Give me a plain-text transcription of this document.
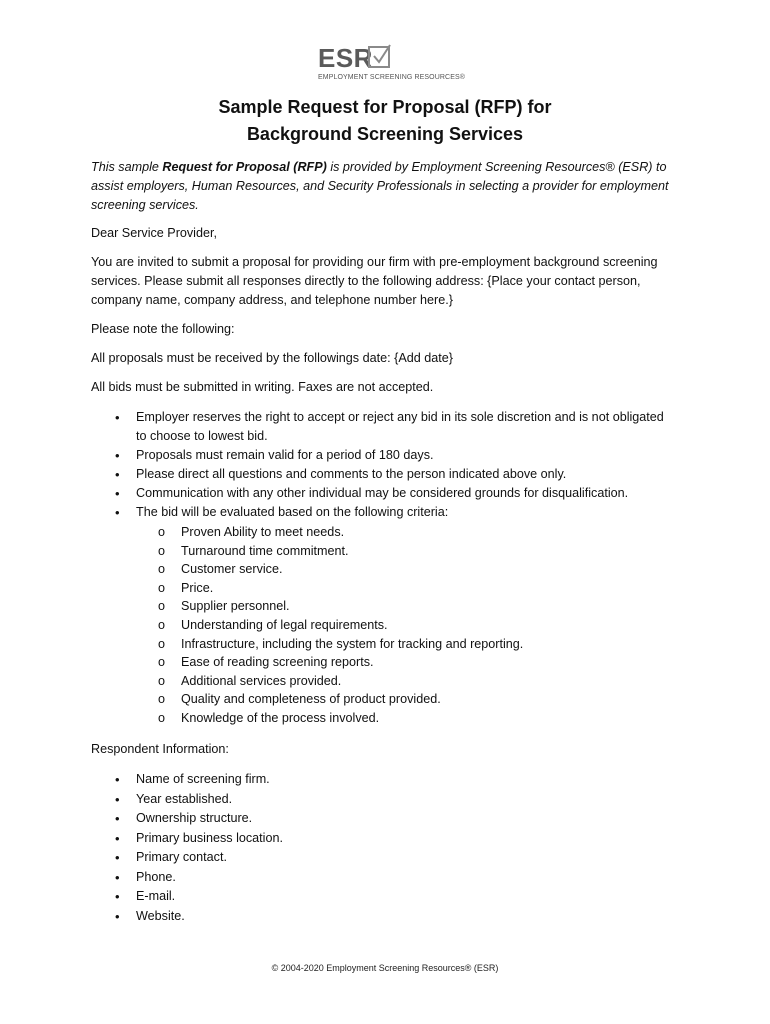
ESR
EMPLOYMENT SCREENING RESOURCES®
Sample Request for Proposal (RFP) for
Background Screening Services
This sample Request for Proposal (RFP) is provided by Employment Screening Resources® (ESR) to assist employers, Human Resources, and Security Professionals in selecting a provider for employment screening services.
Dear Service Provider,
You are invited to submit a proposal for providing our firm with pre-employment background screening services. Please submit all responses directly to the following address: {Place your contact person, company name, company address, and telephone number here.}
Please note the following:
All proposals must be received by the followings date: {Add date}
All bids must be submitted in writing. Faxes are not accepted.
• Employer reserves the right to accept or reject any bid in its sole discretion and is not obligated to choose to lowest bid.
• Proposals must remain valid for a period of 180 days.
• Please direct all questions and comments to the person indicated above only.
• Communication with any other individual may be considered grounds for disqualification.
• The bid will be evaluated based on the following criteria:
o Proven Ability to meet needs.
o Turnaround time commitment.
o Customer service.
o Price.
o Supplier personnel.
o Understanding of legal requirements.
o Infrastructure, including the system for tracking and reporting.
o Ease of reading screening reports.
o Additional services provided.
o Quality and completeness of product provided.
o Knowledge of the process involved.
Respondent Information:
• Name of screening firm.
• Year established.
• Ownership structure.
• Primary business location.
• Primary contact.
• Phone.
• E-mail.
• Website.
© 2004-2020 Employment Screening Resources® (ESR)
